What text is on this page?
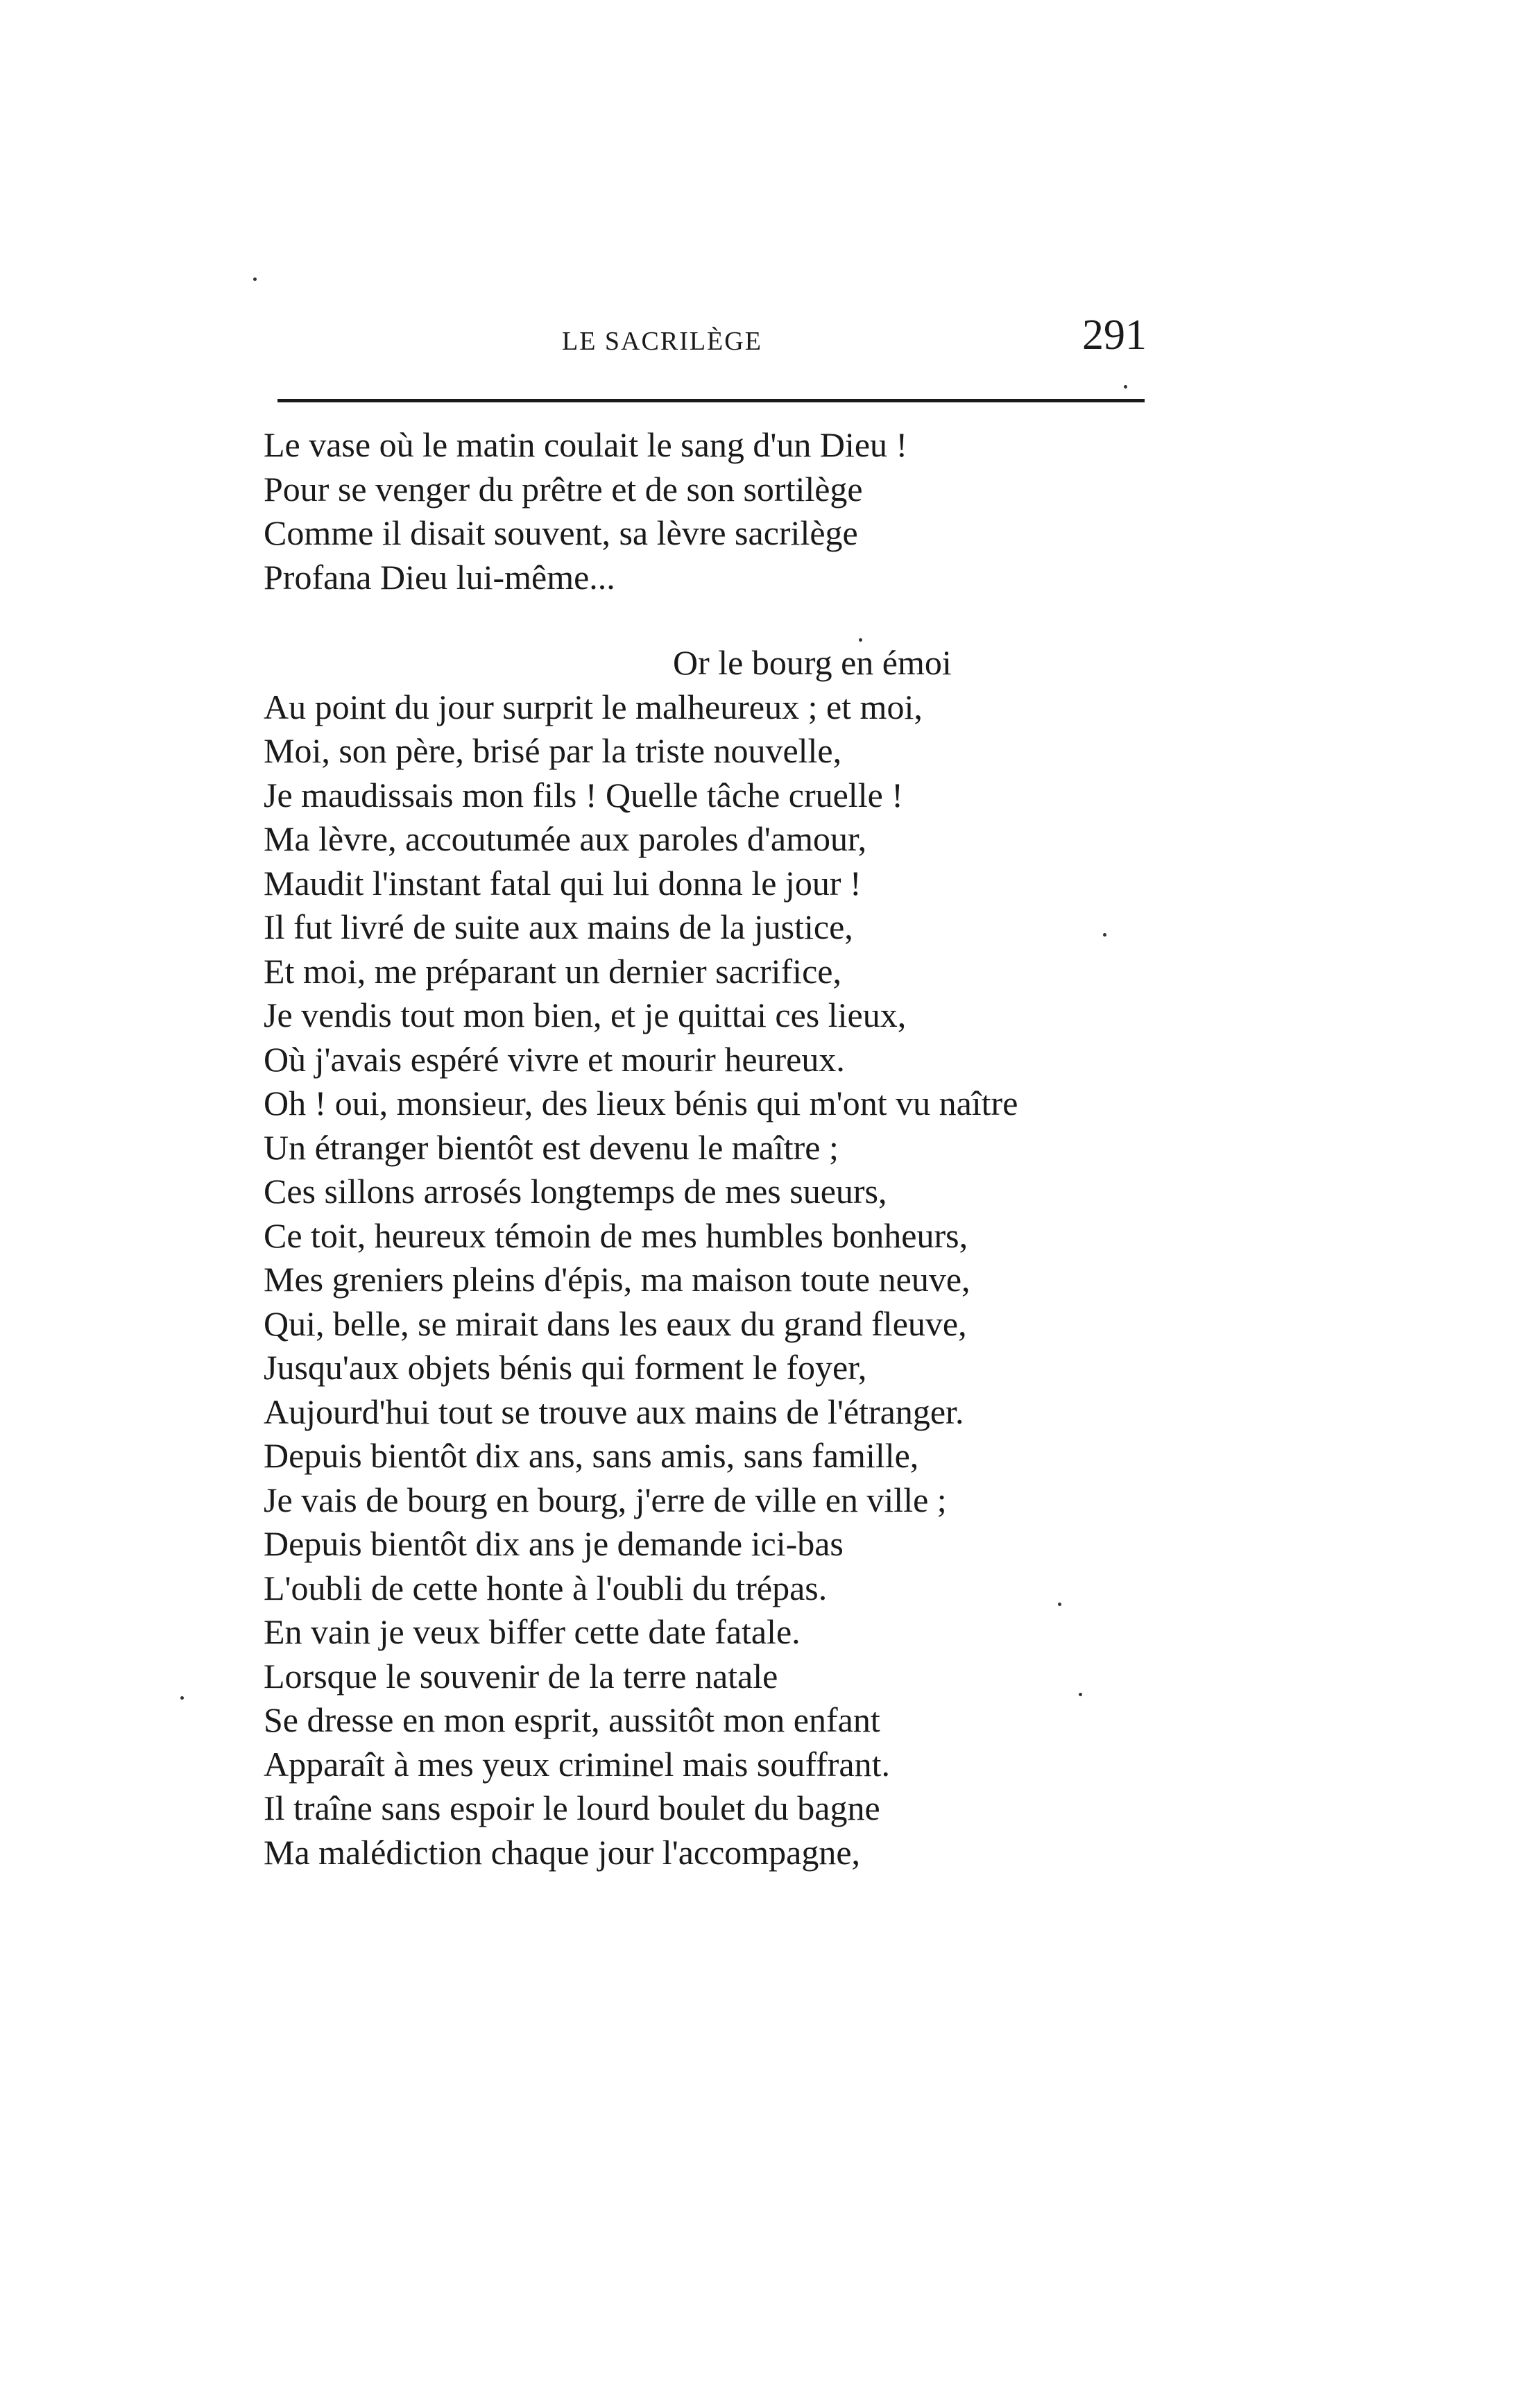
LE SACRILÈGE	291
Le vase où le matin coulait le sang d'un Dieu !
Pour se venger du prêtre et de son sortilège
Comme il disait souvent, sa lèvre sacrilège
Profana Dieu lui-même...
Or le bourg en émoi
Au point du jour surprit le malheureux ; et moi,
Moi, son père, brisé par la triste nouvelle,
Je maudissais mon fils ! Quelle tâche cruelle !
Ma lèvre, accoutumée aux paroles d'amour,
Maudit l'instant fatal qui lui donna le jour !
Il fut livré de suite aux mains de la justice,
Et moi, me préparant un dernier sacrifice,
Je vendis tout mon bien, et je quittai ces lieux,
Où j'avais espéré vivre et mourir heureux.
Oh ! oui, monsieur, des lieux bénis qui m'ont vu naître
Un étranger bientôt est devenu le maître ;
Ces sillons arrosés longtemps de mes sueurs,
Ce toit, heureux témoin de mes humbles bonheurs,
Mes greniers pleins d'épis, ma maison toute neuve,
Qui, belle, se mirait dans les eaux du grand fleuve,
Jusqu'aux objets bénis qui forment le foyer,
Aujourd'hui tout se trouve aux mains de l'étranger.
Depuis bientôt dix ans, sans amis, sans famille,
Je vais de bourg en bourg, j'erre de ville en ville ;
Depuis bientôt dix ans je demande ici-bas
L'oubli de cette honte à l'oubli du trépas.
En vain je veux biffer cette date fatale.
Lorsque le souvenir de la terre natale
Se dresse en mon esprit, aussitôt mon enfant
Apparaît à mes yeux criminel mais souffrant.
Il traîne sans espoir le lourd boulet du bagne
Ma malédiction chaque jour l'accompagne,
